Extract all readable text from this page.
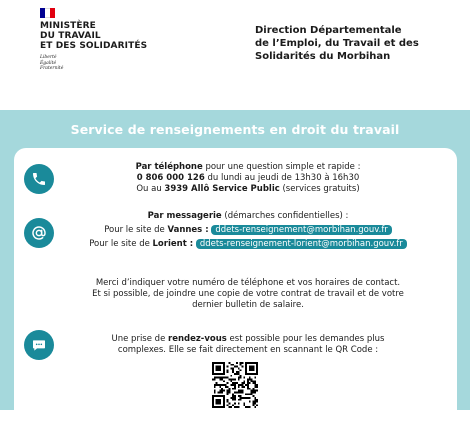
MINISTÈRE
DU TRAVAIL
ET DES SOLIDARITÉS
Liberté
Égalité
Fraternité
Direction Départementale
de l’Emploi, du Travail et des
Solidarités du Morbihan
Service de renseignements en droit du travail
Par téléphone pour une question simple et rapide :
0 806 000 126 du lundi au jeudi de 13h30 à 16h30
Ou au 3939 Allô Service Public (services gratuits)
Par messagerie (démarches confidentielles) :
Pour le site de Vannes : ddets-renseignement@morbihan.gouv.fr
Pour le site de Lorient : ddets-renseignement-lorient@morbihan.gouv.fr
Merci d’indiquer votre numéro de téléphone et vos horaires de contact.
Et si possible, de joindre une copie de votre contrat de travail et de votre
dernier bulletin de salaire.
Une prise de rendez-vous est possible pour les demandes plus
complexes. Elle se fait directement en scannant le QR Code :
